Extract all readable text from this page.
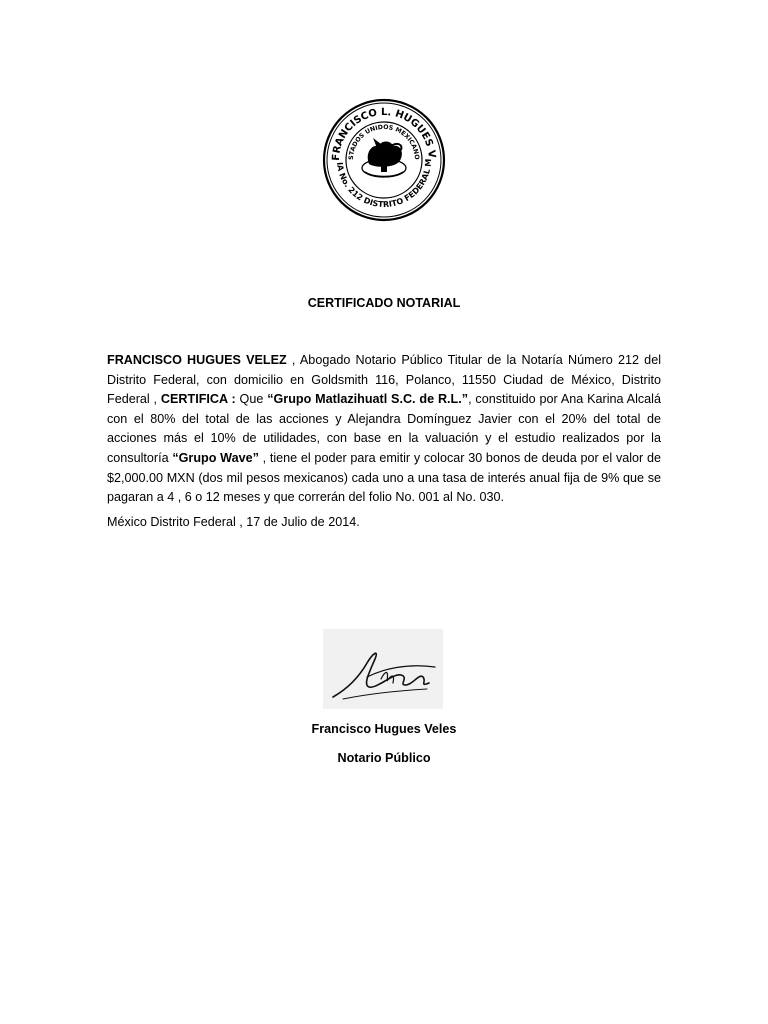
FRANCISCO L. HUGUES V
STADOS UNIDOS MEXICANO
IA No. 212 DISTRITO FEDERAL M
CERTIFICADO NOTARIAL

FRANCISCO HUGUES VELEZ , Abogado Notario Público Titular de la Notaría Número 212 del Distrito Federal, con domicilio en Goldsmith 116, Polanco, 11550 Ciudad de México, Distrito Federal , CERTIFICA : Que “Grupo Matlazihuatl S.C. de R.L.”, constituido por Ana Karina Alcalá con el 80% del total de las acciones y Alejandra Domínguez Javier con el 20% del total de acciones más el 10% de utilidades, con base en la valuación y el estudio realizados por la consultoría “Grupo Wave” , tiene el poder para emitir y colocar 30 bonos de deuda por el valor de $2,000.00 MXN (dos mil pesos mexicanos) cada uno a una tasa de interés anual fija de 9% que se pagaran a 4 , 6 o 12 meses y que correrán del folio No. 001 al No. 030.

México Distrito Federal , 17 de Julio de 2014.

Francisco Hugues Veles
Notario Público
